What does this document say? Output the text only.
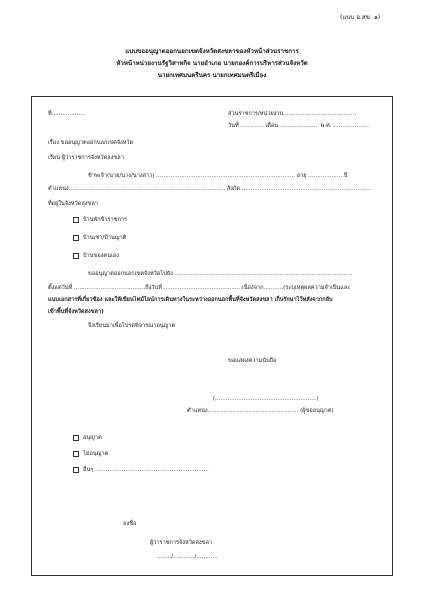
(แบบ อ.สข. ๑)
แบบขออนุญาตออกนอกเขตจังหวัดสงขลาของหัวหน้าส่วนราชการ
หัวหน้าหน่วยงานรัฐวิสาหกิจ นายอำเภอ นายกองค์การบริหารส่วนจังหวัด
นายกเทศมนตรีนคร นายกเทศมนตรีเมือง
ที่...................	ส่วนราชการ/หน่วยงาน.........................................
วันที่ ............. เดือน ...................... พ.ศ. ....................
เรื่อง ขออนุญาตออกนอกเขตจังหวัด
เรียน ผู้ว่าราชการจังหวัดสงขลา
ข้าพเจ้า(นาย/นาง/นางสาว) .............................................................................. อายุ ....................ปี
ตำแหน่ง........................................................................................ สังกัด .........................................................................
ที่อยู่ในจังหวัดสงขลา
บ้านพักข้าราชการ
บ้านเช่า/บ้านญาติ
บ้านของตนเอง
ขออนุญาตออกนอกเขตจังหวัดไปยัง ....................................................................................................
ตั้งแต่วันที่ ........................................ถึงวันที่ ............................................เนื่องจาก...........(ระบุเหตุผลความจำเป็นและ
แนบเอกสารที่เกี่ยวข้อง และให้เขียนไทม์ไลน์การเดินทางในระหว่างออกนอกพื้นที่จังหวัดสงขลา เก็บรักษาไว้หลังจากกลับ
เข้าพื้นที่จังหวัดสงขลา)
จึงเรียนมาเพื่อโปรดพิจารณาอนุญาต
ขอแสดงความนับถือ
(.........................................................)
ตำแหน่ง................................................... (ผู้ขออนุญาต)
อนุญาต
ไม่อนุญาต
อื่นๆ ................................................................
ลงชื่อ
ผู้ว่าราชการจังหวัดสงขลา
......../............/............
